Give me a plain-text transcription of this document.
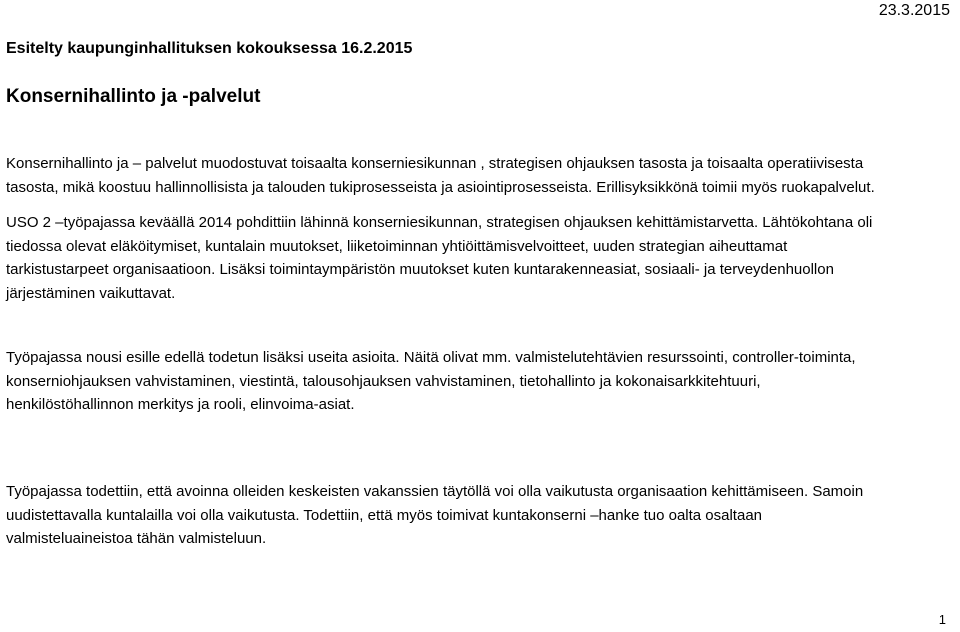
23.3.2015
Esitelty kaupunginhallituksen kokouksessa 16.2.2015
Konsernihallinto ja -palvelut

Konsernihallinto ja – palvelut muodostuvat toisaalta konserniesikunnan , strategisen ohjauksen tasosta ja toisaalta operatiivisesta
tasosta, mikä koostuu hallinnollisista ja talouden tukiprosesseista ja asiointiprosesseista. Erillisyksikkönä toimii myös ruokapalvelut.

USO 2 –työpajassa keväällä 2014 pohdittiin lähinnä konserniesikunnan, strategisen ohjauksen kehittämistarvetta. Lähtökohtana oli
tiedossa olevat eläköitymiset, kuntalain muutokset, liiketoiminnan yhtiöittämisvelvoitteet, uuden strategian aiheuttamat
tarkistustarpeet organisaatioon. Lisäksi toimintaympäristön muutokset kuten kuntarakenneasiat, sosiaali- ja terveydenhuollon
järjestäminen vaikuttavat.

Työpajassa nousi esille edellä todetun lisäksi useita asioita. Näitä olivat mm. valmistelutehtävien resurssointi, controller-toiminta,
konserniohjauksen vahvistaminen, viestintä, talousohjauksen vahvistaminen, tietohallinto ja kokonaisarkkitehtuuri,
henkilöstöhallinnon merkitys ja rooli, elinvoima-asiat.

Työpajassa todettiin, että avoinna olleiden keskeisten vakanssien täytöllä voi olla vaikutusta organisaation kehittämiseen. Samoin
uudistettavalla kuntalailla voi olla vaikutusta. Todettiin, että myös toimivat kuntakonserni –hanke tuo oalta osaltaan
valmisteluaineistoa tähän valmisteluun.

1
